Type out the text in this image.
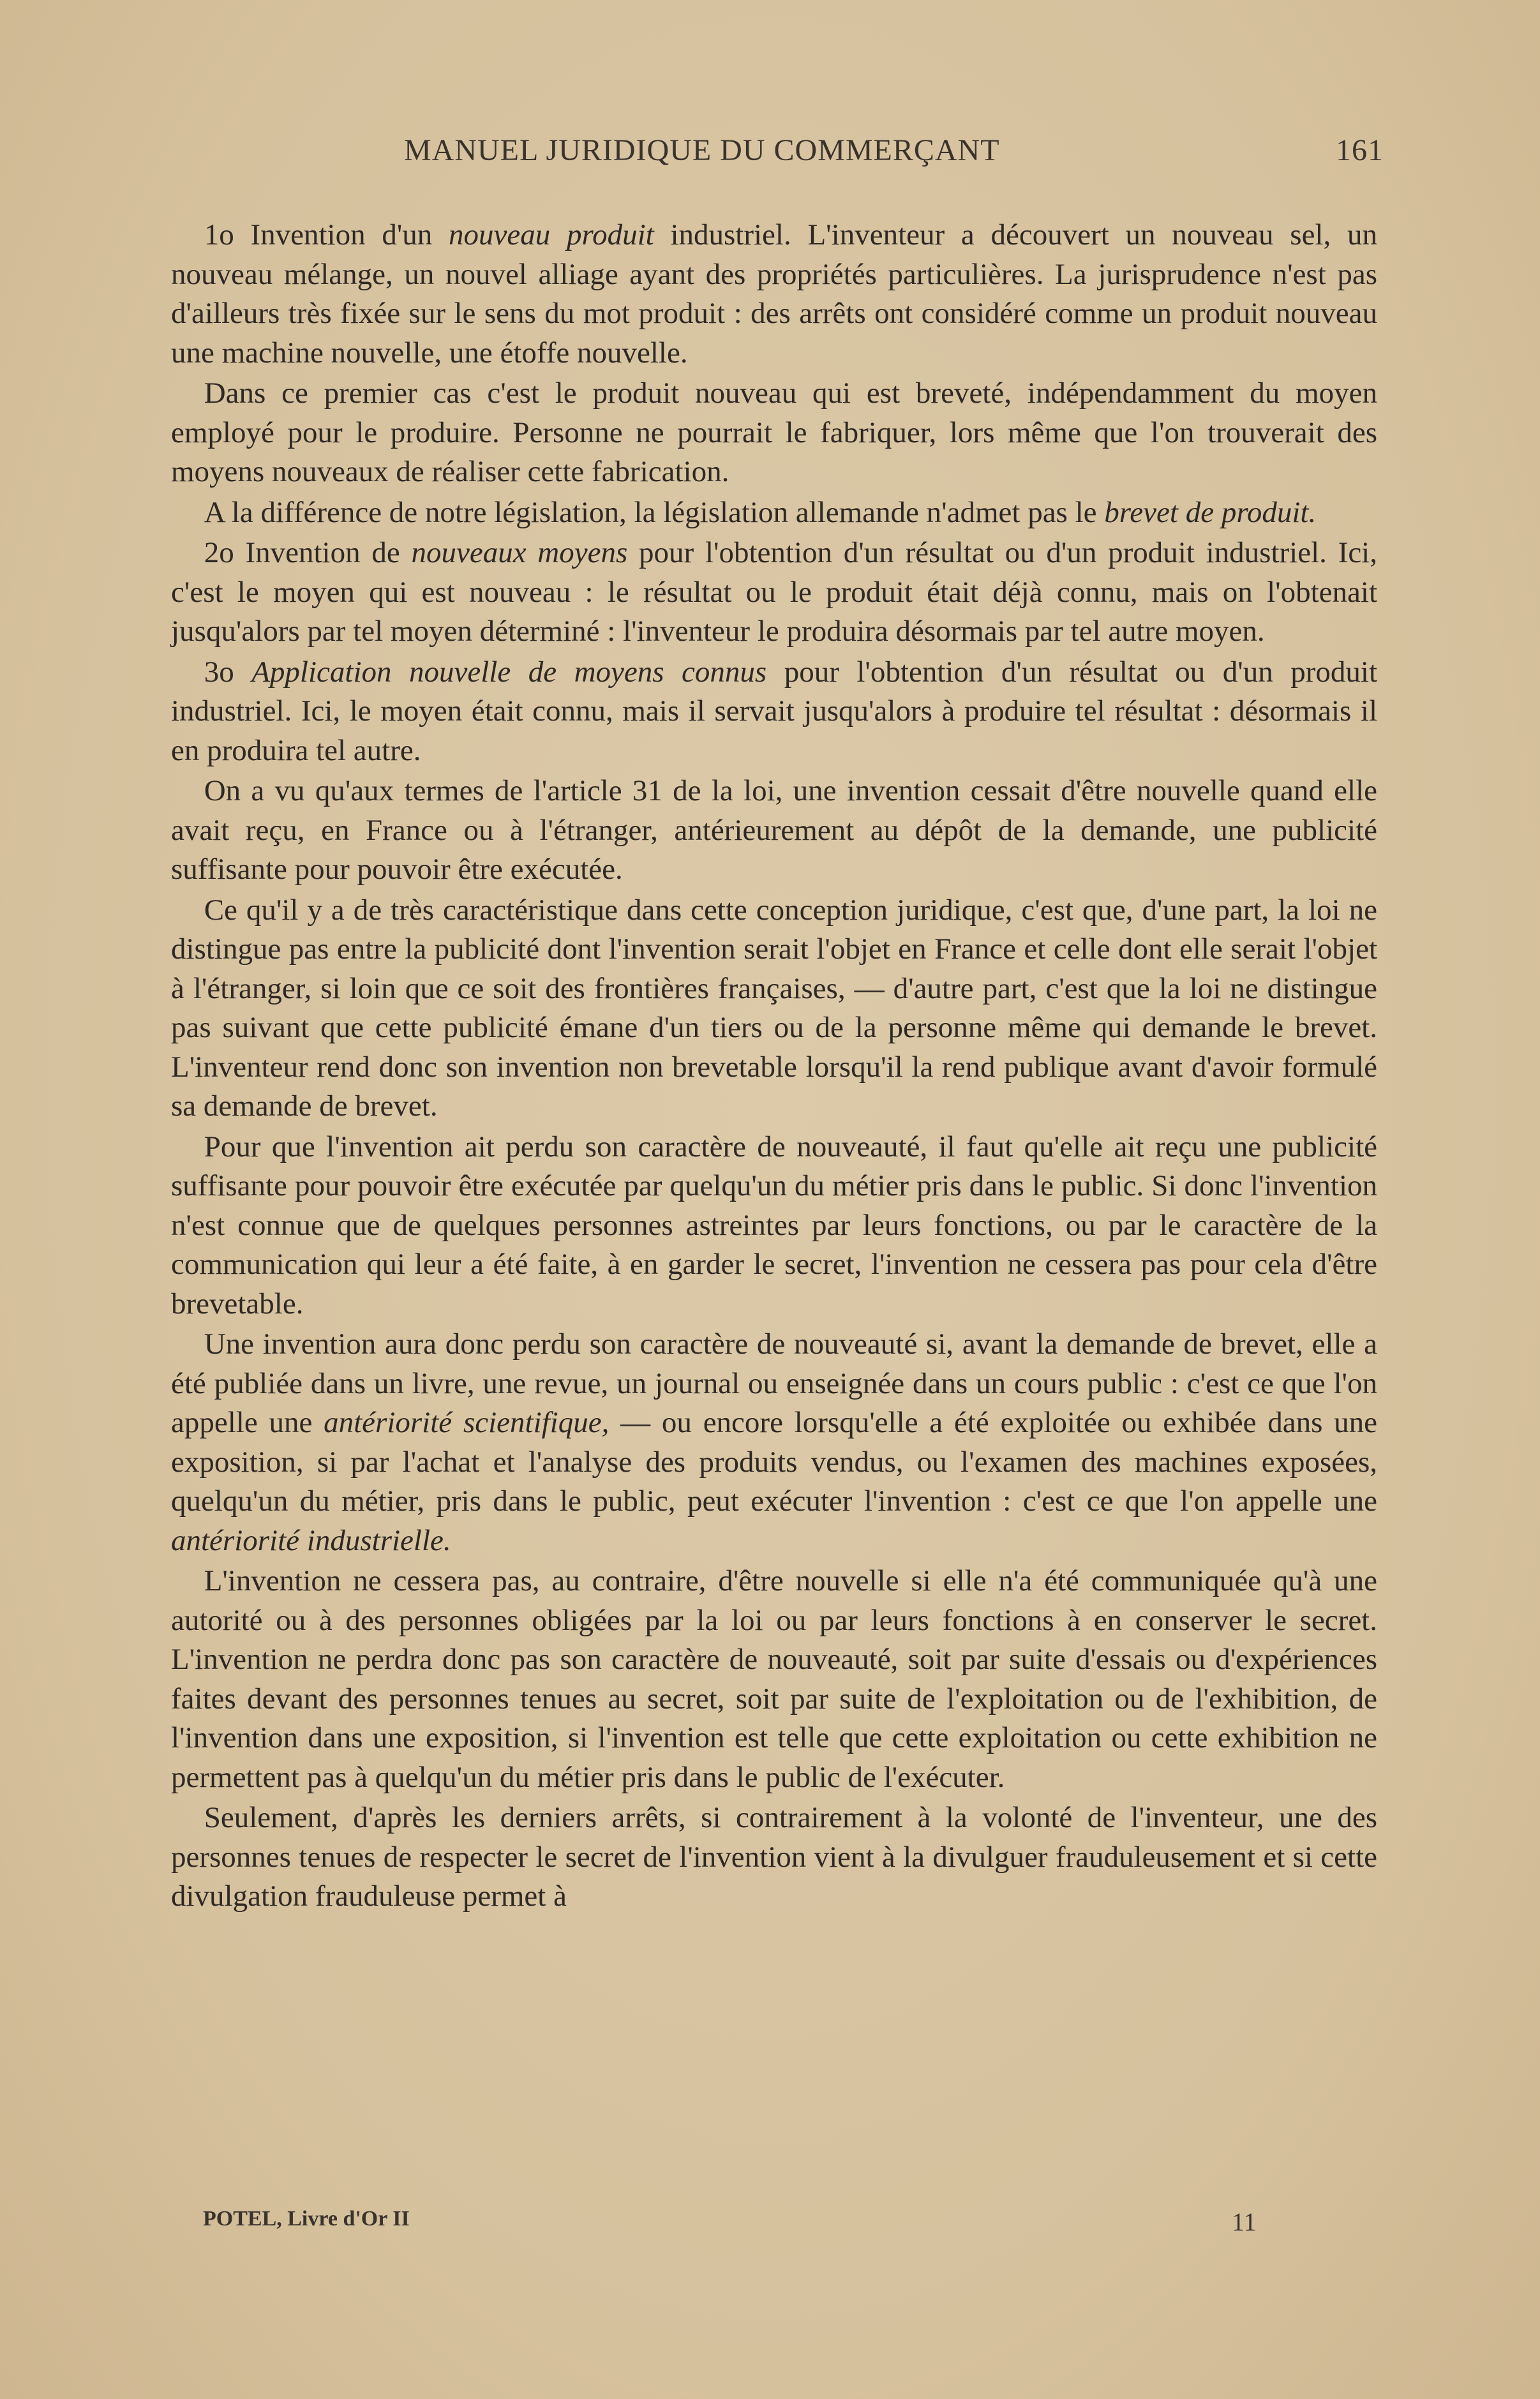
MANUEL JURIDIQUE DU COMMERÇANT	161

1o Invention d'un nouveau produit industriel. L'inventeur a découvert un nouveau sel, un nouveau mélange, un nouvel alliage ayant des propriétés particulières. La jurisprudence n'est pas d'ailleurs très fixée sur le sens du mot produit : des arrêts ont considéré comme un produit nouveau une machine nouvelle, une étoffe nouvelle.

Dans ce premier cas c'est le produit nouveau qui est breveté, indépendamment du moyen employé pour le produire. Personne ne pourrait le fabriquer, lors même que l'on trouverait des moyens nouveaux de réaliser cette fabrication.

A la différence de notre législation, la législation allemande n'admet pas le brevet de produit.

2o Invention de nouveaux moyens pour l'obtention d'un résultat ou d'un produit industriel. Ici, c'est le moyen qui est nouveau : le résultat ou le produit était déjà connu, mais on l'obtenait jusqu'alors par tel moyen déterminé : l'inventeur le produira désormais par tel autre moyen.

3o Application nouvelle de moyens connus pour l'obtention d'un résultat ou d'un produit industriel. Ici, le moyen était connu, mais il servait jusqu'alors à produire tel résultat : désormais il en produira tel autre.

On a vu qu'aux termes de l'article 31 de la loi, une invention cessait d'être nouvelle quand elle avait reçu, en France ou à l'étranger, antérieurement au dépôt de la demande, une publicité suffisante pour pouvoir être exécutée.

Ce qu'il y a de très caractéristique dans cette conception juridique, c'est que, d'une part, la loi ne distingue pas entre la publicité dont l'invention serait l'objet en France et celle dont elle serait l'objet à l'étranger, si loin que ce soit des frontières françaises, — d'autre part, c'est que la loi ne distingue pas suivant que cette publicité émane d'un tiers ou de la personne même qui demande le brevet. L'inventeur rend donc son invention non brevetable lorsqu'il la rend publique avant d'avoir formulé sa demande de brevet.

Pour que l'invention ait perdu son caractère de nouveauté, il faut qu'elle ait reçu une publicité suffisante pour pouvoir être exécutée par quelqu'un du métier pris dans le public. Si donc l'invention n'est connue que de quelques personnes astreintes par leurs fonctions, ou par le caractère de la communication qui leur a été faite, à en garder le secret, l'invention ne cessera pas pour cela d'être brevetable.

Une invention aura donc perdu son caractère de nouveauté si, avant la demande de brevet, elle a été publiée dans un livre, une revue, un journal ou enseignée dans un cours public : c'est ce que l'on appelle une antériorité scientifique, — ou encore lorsqu'elle a été exploitée ou exhibée dans une exposition, si par l'achat et l'analyse des produits vendus, ou l'examen des machines exposées, quelqu'un du métier, pris dans le public, peut exécuter l'invention : c'est ce que l'on appelle une antériorité industrielle.

L'invention ne cessera pas, au contraire, d'être nouvelle si elle n'a été communiquée qu'à une autorité ou à des personnes obligées par la loi ou par leurs fonctions à en conserver le secret. L'invention ne perdra donc pas son caractère de nouveauté, soit par suite d'essais ou d'expériences faites devant des personnes tenues au secret, soit par suite de l'exploitation ou de l'exhibition, de l'invention dans une exposition, si l'invention est telle que cette exploitation ou cette exhibition ne permettent pas à quelqu'un du métier pris dans le public de l'exécuter.

Seulement, d'après les derniers arrêts, si contrairement à la volonté de l'inventeur, une des personnes tenues de respecter le secret de l'invention vient à la divulguer frauduleusement et si cette divulgation frauduleuse permet à

POTEL, Livre d'Or II	11
